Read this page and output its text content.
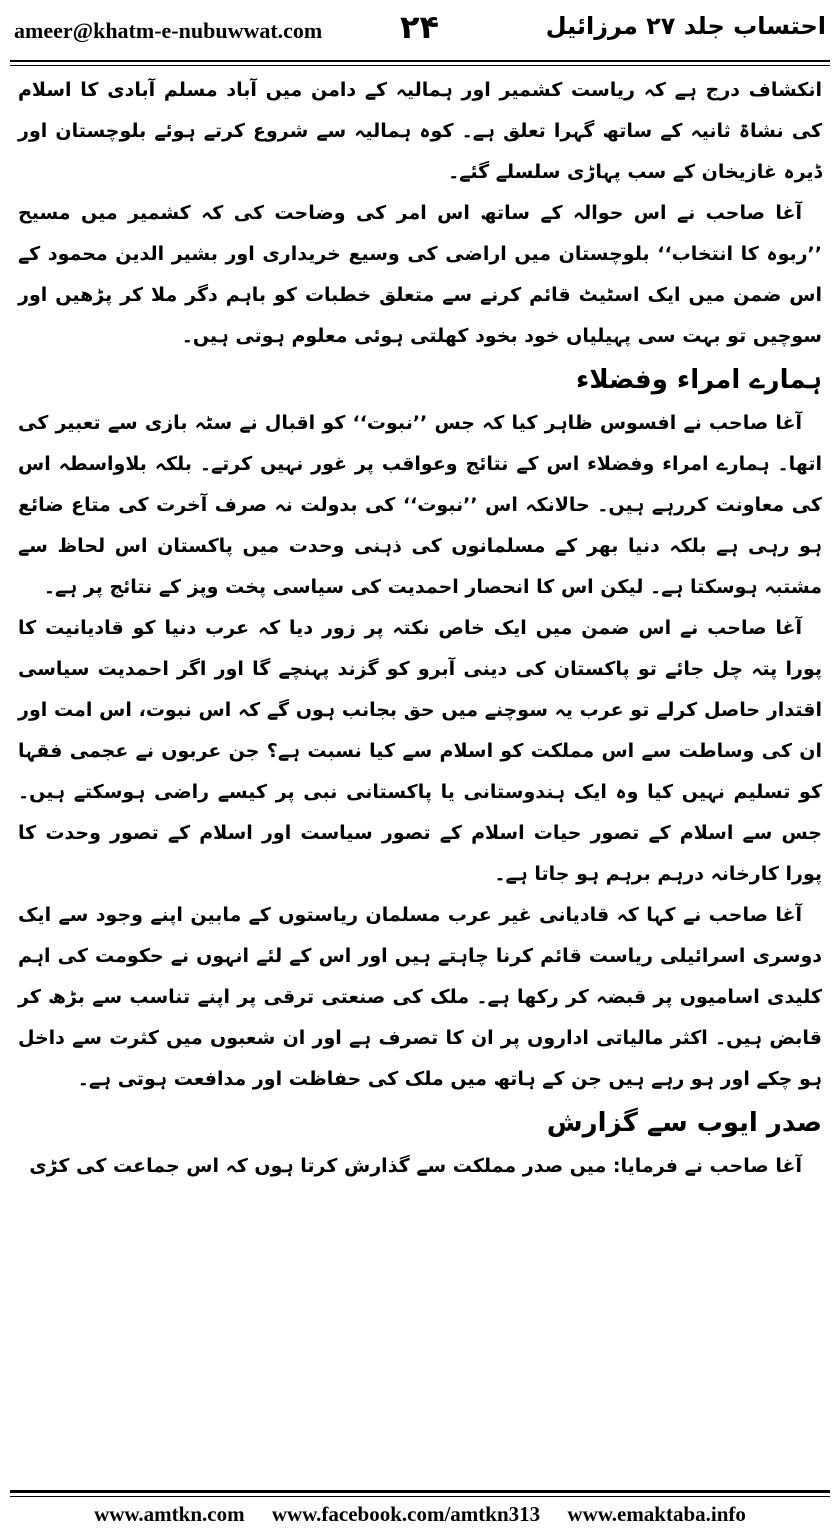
ameer@khatm-e-nubuwwat.com ۲۴	احتساب جلد ۲۷ مرزائیل

انکشاف درج ہے کہ ریاست کشمیر اور ہمالیہ کے دامن میں آباد مسلم آبادی کا اسلام کی نشاۃ ثانیہ کے ساتھ گہرا تعلق ہے۔ کوہ ہمالیہ سے شروع کرتے ہوئے بلوچستان اور ڈیرہ غازیخان کے سب پہاڑی سلسلے گئے۔

آغا صاحب نے اس حوالہ کے ساتھ اس امر کی وضاحت کی کہ کشمیر میں مسیح ’’ربوہ کا انتخاب‘‘ بلوچستان میں اراضی کی وسیع خریداری اور بشیر الدین محمود کے اس ضمن میں ایک اسٹیٹ قائم کرنے سے متعلق خطبات کو باہم دگر ملا کر پڑھیں اور سوچیں تو بہت سی پہیلیاں خود بخود کھلتی ہوئی معلوم ہوتی ہیں۔

ہمارے امراء وفضلاء

آغا صاحب نے افسوس ظاہر کیا کہ جس ’’نبوت‘‘ کو اقبال نے سٹہ بازی سے تعبیر کی اتھا۔ ہمارے امراء وفضلاء اس کے نتائج وعواقب پر غور نہیں کرتے۔ بلکہ بلاواسطہ اس کی معاونت کررہے ہیں۔ حالانکہ اس ’’نبوت‘‘ کی بدولت نہ صرف آخرت کی متاع ضائع ہو رہی ہے بلکہ دنیا بھر کے مسلمانوں کی ذہنی وحدت میں پاکستان اس لحاظ سے مشتبہ ہوسکتا ہے۔ لیکن اس کا انحصار احمدیت کی سیاسی پخت وپز کے نتائج پر ہے۔

آغا صاحب نے اس ضمن میں ایک خاص نکتہ پر زور دیا کہ عرب دنیا کو قادیانیت کا پورا پتہ چل جائے تو پاکستان کی دینی آبرو کو گزند پہنچے گا اور اگر احمدیت سیاسی اقتدار حاصل کرلے تو عرب یہ سوچنے میں حق بجانب ہوں گے کہ اس نبوت، اس امت اور ان کی وساطت سے اس مملکت کو اسلام سے کیا نسبت ہے؟ جن عربوں نے عجمی فقہا کو تسلیم نہیں کیا وہ ایک ہندوستانی یا پاکستانی نبی پر کیسے راضی ہوسکتے ہیں۔ جس سے اسلام کے تصور حیات اسلام کے تصور سیاست اور اسلام کے تصور وحدت کا پورا کارخانہ درہم برہم ہو جاتا ہے۔

آغا صاحب نے کہا کہ قادیانی غیر عرب مسلمان ریاستوں کے مابین اپنے وجود سے ایک دوسری اسرائیلی ریاست قائم کرنا چاہتے ہیں اور اس کے لئے انہوں نے حکومت کی اہم کلیدی اسامیوں پر قبضہ کر رکھا ہے۔ ملک کی صنعتی ترقی پر اپنے تناسب سے بڑھ کر قابض ہیں۔ اکثر مالیاتی اداروں پر ان کا تصرف ہے اور ان شعبوں میں کثرت سے داخل ہو چکے اور ہو رہے ہیں جن کے ہاتھ میں ملک کی حفاظت اور مدافعت ہوتی ہے۔

صدر ایوب سے گزارش

آغا صاحب نے فرمایا: میں صدر مملکت سے گذارش کرتا ہوں کہ اس جماعت کی کڑی

www.amtkn.com www.facebook.com/amtkn313 www.emaktaba.info
